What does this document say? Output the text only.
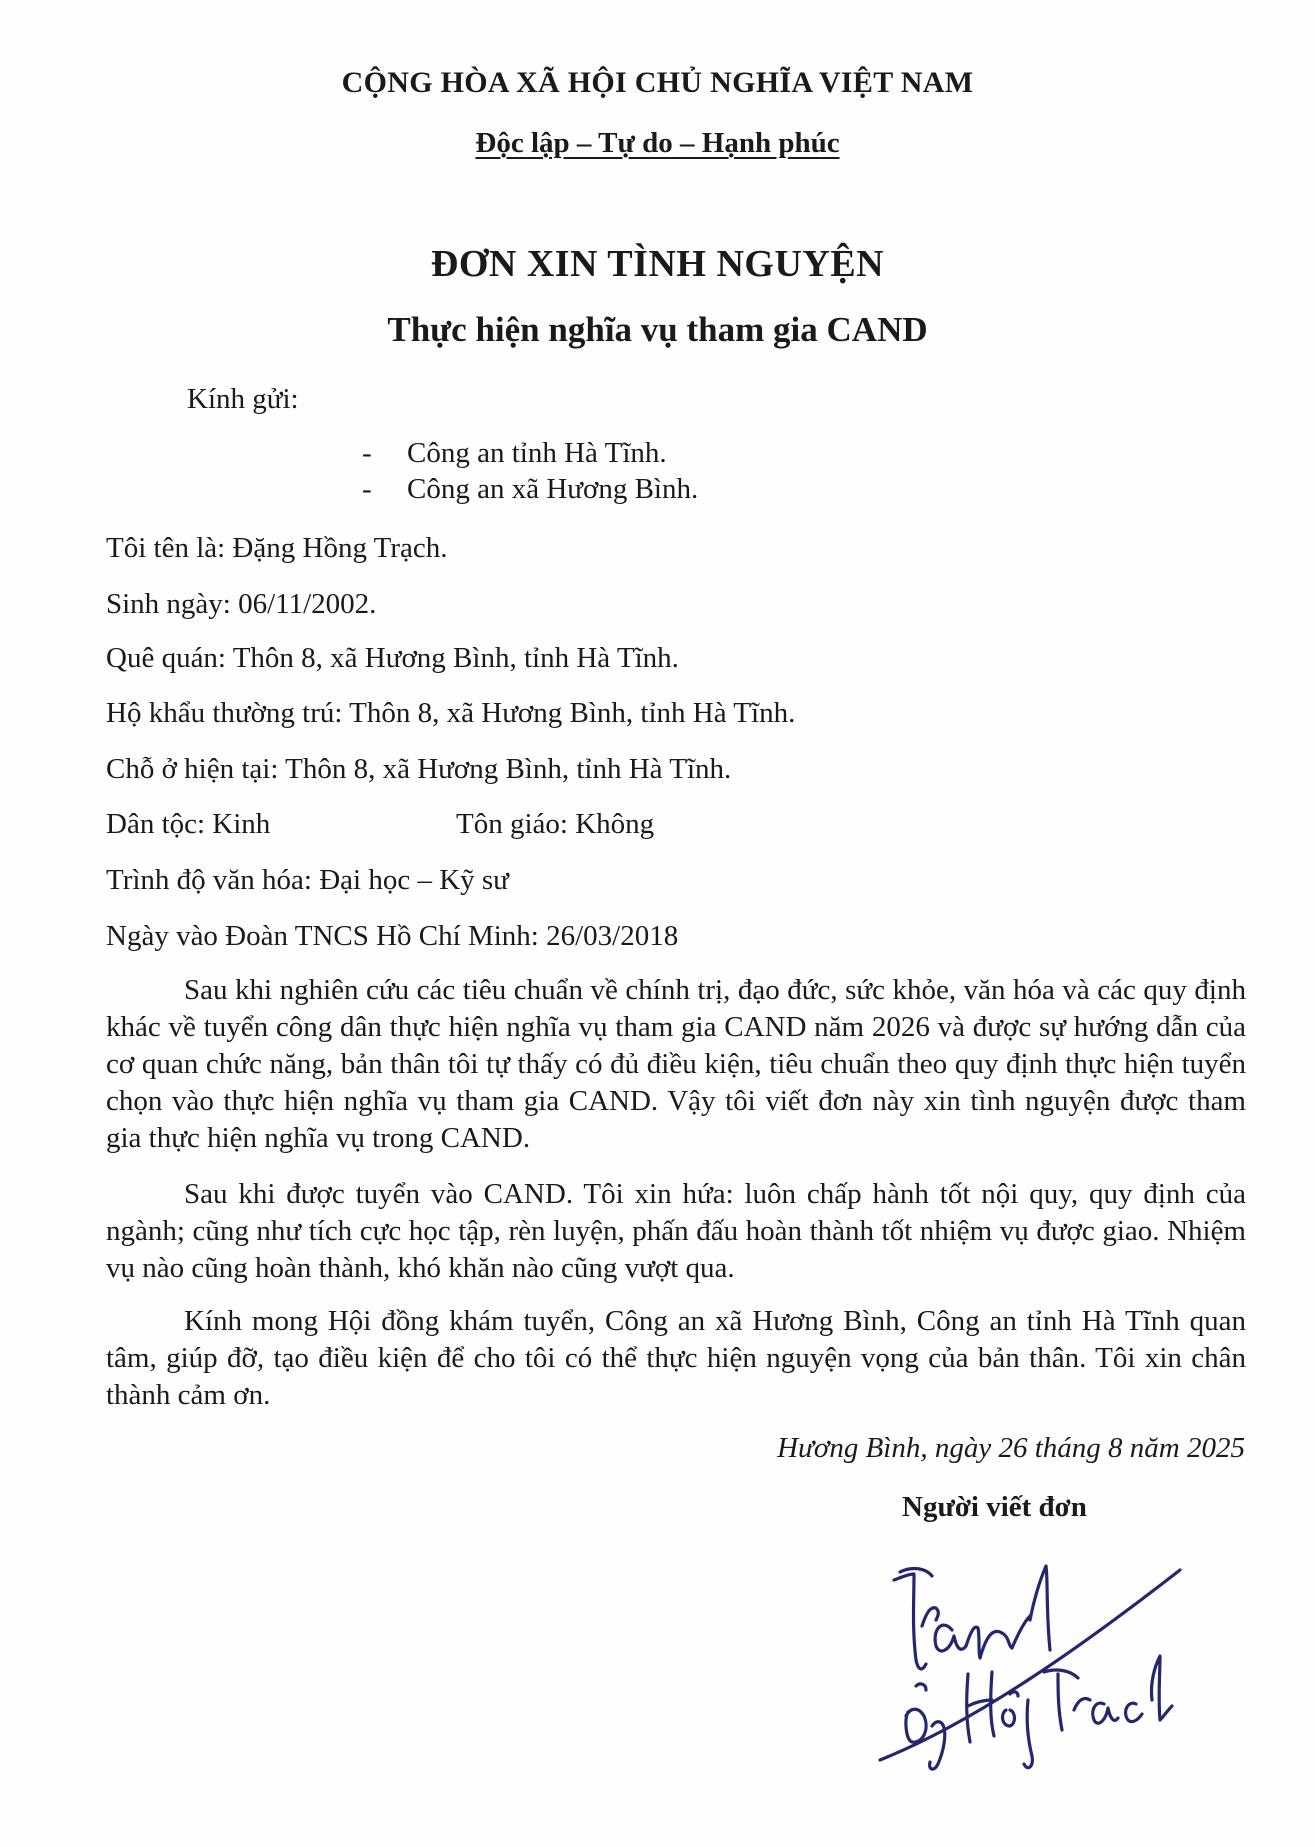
CỘNG HÒA XÃ HỘI CHỦ NGHĨA VIỆT NAM
Độc lập – Tự do – Hạnh phúc
ĐƠN XIN TÌNH NGUYỆN
Thực hiện nghĩa vụ tham gia CAND
Kính gửi:
- Công an tỉnh Hà Tĩnh.
- Công an xã Hương Bình.
Tôi tên là: Đặng Hồng Trạch.
Sinh ngày: 06/11/2002.
Quê quán: Thôn 8, xã Hương Bình, tỉnh Hà Tĩnh.
Hộ khẩu thường trú: Thôn 8, xã Hương Bình, tỉnh Hà Tĩnh.
Chỗ ở hiện tại: Thôn 8, xã Hương Bình, tỉnh Hà Tĩnh.
Dân tộc: Kinh	Tôn giáo: Không
Trình độ văn hóa: Đại học – Kỹ sư
Ngày vào Đoàn TNCS Hồ Chí Minh: 26/03/2018
Sau khi nghiên cứu các tiêu chuẩn về chính trị, đạo đức, sức khỏe, văn hóa và các quy định khác về tuyển công dân thực hiện nghĩa vụ tham gia CAND năm 2026 và được sự hướng dẫn của cơ quan chức năng, bản thân tôi tự thấy có đủ điều kiện, tiêu chuẩn theo quy định thực hiện tuyển chọn vào thực hiện nghĩa vụ tham gia CAND. Vậy tôi viết đơn này xin tình nguyện được tham gia thực hiện nghĩa vụ trong CAND.
Sau khi được tuyển vào CAND. Tôi xin hứa: luôn chấp hành tốt nội quy, quy định của ngành; cũng như tích cực học tập, rèn luyện, phấn đấu hoàn thành tốt nhiệm vụ được giao. Nhiệm vụ nào cũng hoàn thành, khó khăn nào cũng vượt qua.
Kính mong Hội đồng khám tuyển, Công an xã Hương Bình, Công an tỉnh Hà Tĩnh quan tâm, giúp đỡ, tạo điều kiện để cho tôi có thể thực hiện nguyện vọng của bản thân. Tôi xin chân thành cảm ơn.
Hương Bình, ngày 26 tháng 8 năm 2025
Người viết đơn
